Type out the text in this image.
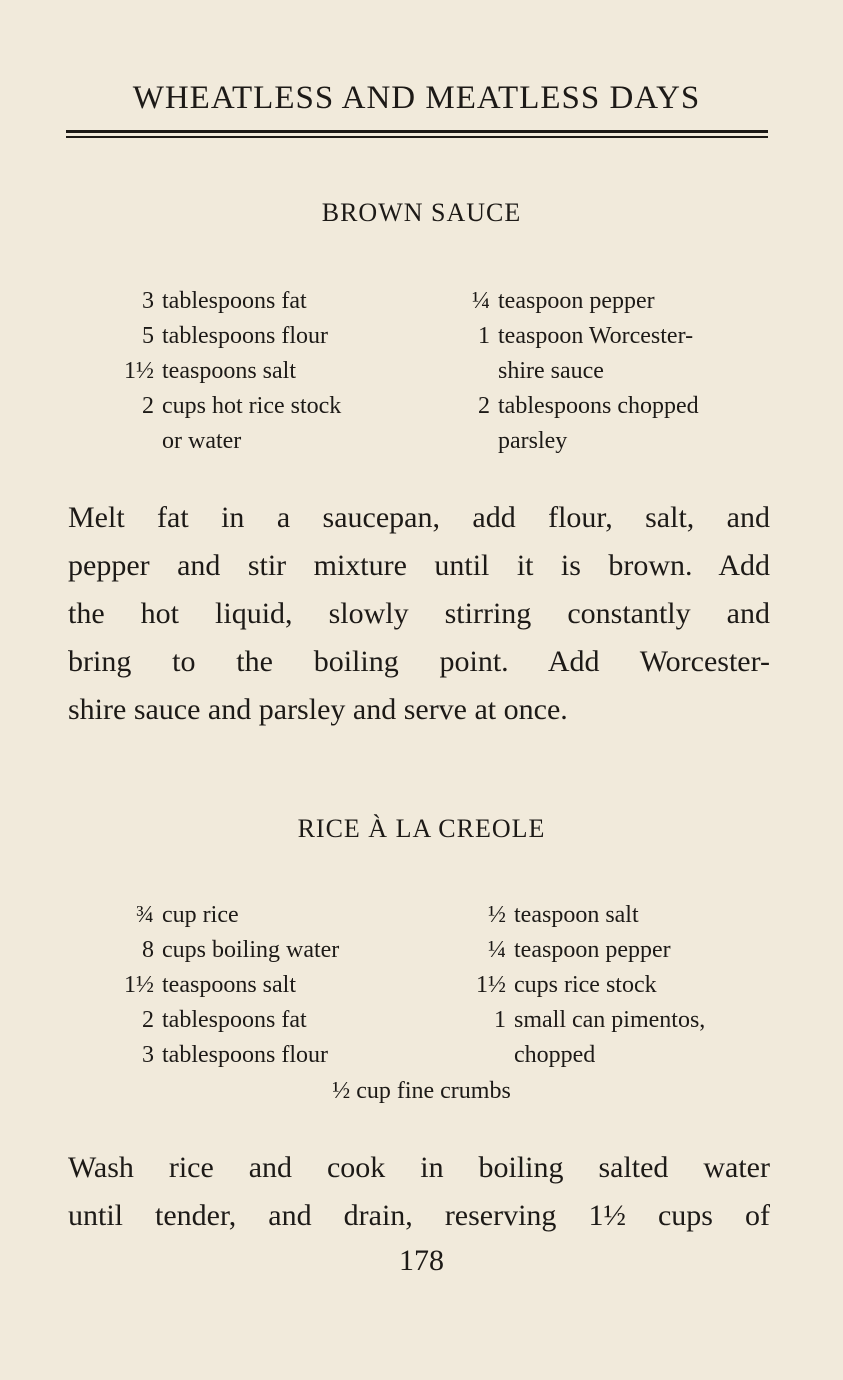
WHEATLESS AND MEATLESS DAYS
BROWN SAUCE
3 tablespoons fat
5 tablespoons flour
1½ teaspoons salt
2 cups hot rice stock
or water
¼ teaspoon pepper
1 teaspoon Worcester-
shire sauce
2 tablespoons chopped
parsley
Melt fat in a saucepan, add flour, salt, and
pepper and stir mixture until it is brown. Add
the hot liquid, slowly stirring constantly and
bring to the boiling point. Add Worcester-
shire sauce and parsley and serve at once.
RICE À LA CREOLE
¾ cup rice
8 cups boiling water
1½ teaspoons salt
2 tablespoons fat
3 tablespoons flour
½ teaspoon salt
¼ teaspoon pepper
1½ cups rice stock
1 small can pimentos,
chopped
½ cup fine crumbs
Wash rice and cook in boiling salted water
until tender, and drain, reserving 1½ cups of
178
